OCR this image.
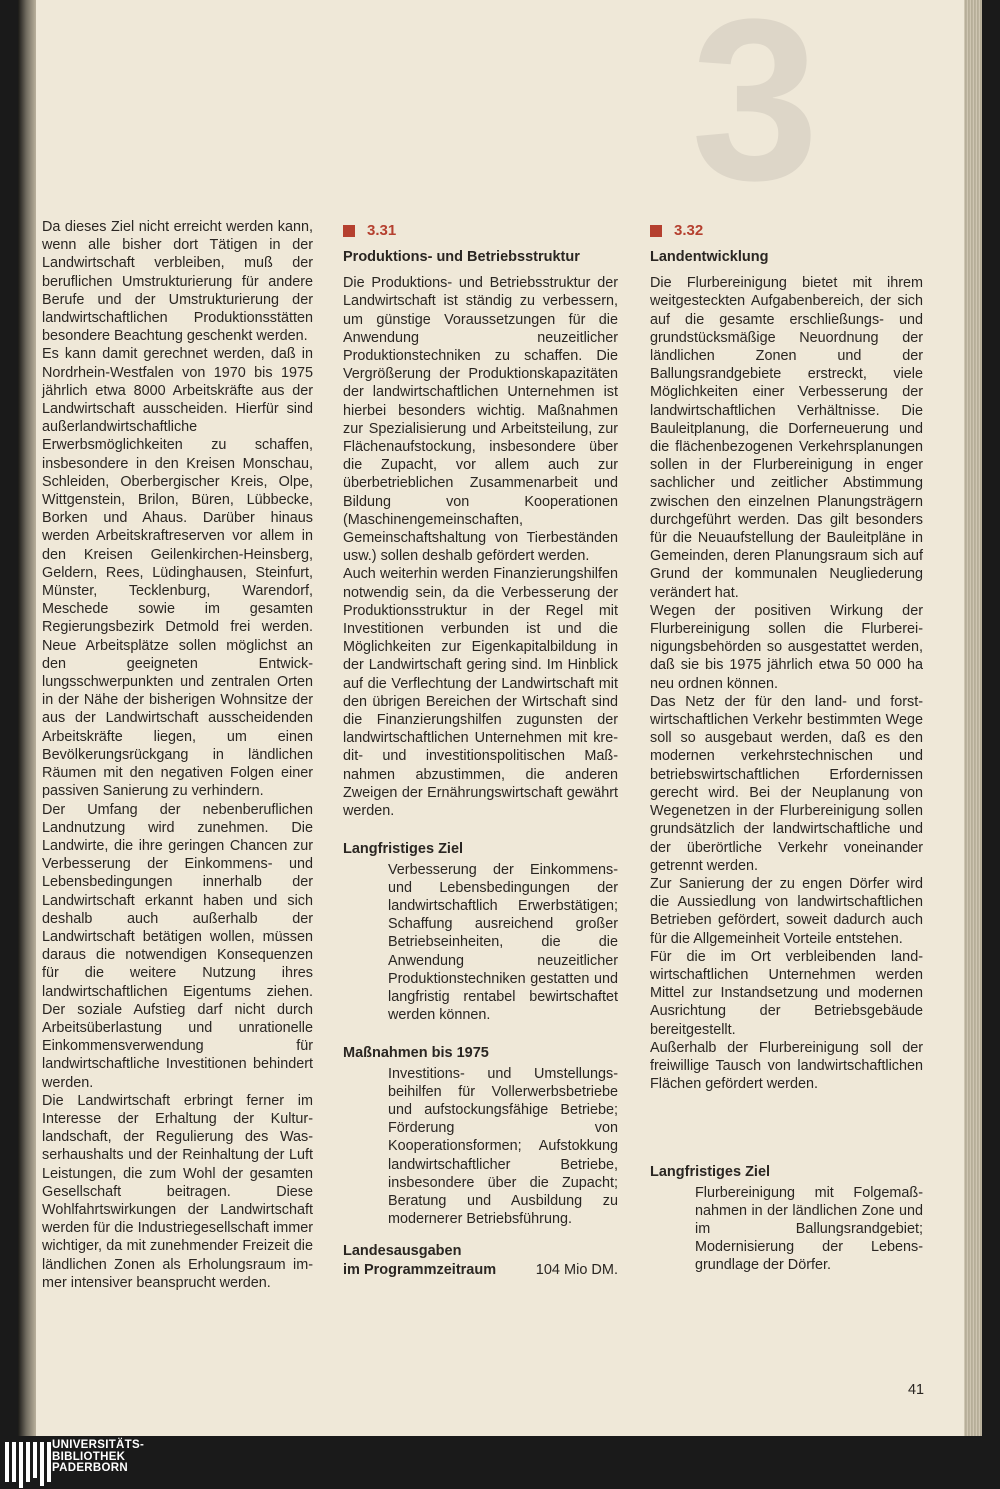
3

Da dieses Ziel nicht erreicht werden kann, wenn alle bisher dort Tätigen in der Landwirtschaft verbleiben, muß der beruflichen Umstrukturierung für andere Berufe und der Umstrukturierung der landwirtschaftlichen Produktionsstätten besondere Beachtung geschenkt werden.

Es kann damit gerechnet werden, daß in Nordrhein-Westfalen von 1970 bis 1975 jährlich etwa 8000 Arbeitskräfte aus der Landwirtschaft ausscheiden. Hierfür sind außerlandwirtschaftliche Erwerbsmöglichkeiten zu schaffen, insbesondere in den Kreisen Monschau, Schleiden, Oberbergischer Kreis, Olpe, Wittgenstein, Brilon, Büren, Lübbecke, Borken und Ahaus. Darüber hinaus werden Arbeitskraftreserven vor allem in den Kreisen Geilenkirchen-Heinsberg, Geldern, Rees, Lüdinghausen, Steinfurt, Münster, Tecklenburg, Warendorf, Meschede sowie im gesamten Regierungsbezirk Detmold frei werden. Neue Arbeitsplätze sollen möglichst an den geeigneten Entwicklungsschwerpunkten und zentralen Orten in der Nähe der bisherigen Wohnsitze der aus der Landwirtschaft ausscheidenden Arbeitskräfte liegen, um einen Bevölkerungsrückgang in ländlichen Räumen mit den negativen Folgen einer passiven Sanierung zu verhindern.

Der Umfang der nebenberuflichen Landnutzung wird zunehmen. Die Landwirte, die ihre geringen Chancen zur Verbesserung der Einkommens- und Lebensbedingungen innerhalb der Landwirtschaft erkannt haben und sich deshalb auch außerhalb der Landwirtschaft betätigen wollen, müssen daraus die notwendigen Konsequenzen für die weitere Nutzung ihres landwirtschaftlichen Eigentums ziehen. Der soziale Aufstieg darf nicht durch Arbeitsüberlastung und unrationelle Einkommensverwendung für landwirtschaftliche Investitionen behindert werden.

Die Landwirtschaft erbringt ferner im Interesse der Erhaltung der Kulturlandschaft, der Regulierung des Wasserhaushalts und der Reinhaltung der Luft Leistungen, die zum Wohl der gesamten Gesellschaft beitragen. Diese Wohlfahrtswirkungen der Landwirtschaft werden für die Industriegesellschaft immer wichtiger, da mit zunehmender Freizeit die ländlichen Zonen als Erholungsraum immer intensiver beansprucht werden.

3.31
Produktions- und Betriebsstruktur

Die Produktions- und Betriebsstruktur der Landwirtschaft ist ständig zu verbessern, um günstige Voraussetzungen für die Anwendung neuzeitlicher Produktionstechniken zu schaffen. Die Vergrößerung der Produktionskapazitäten der landwirtschaftlichen Unternehmen ist hierbei besonders wichtig. Maßnahmen zur Spezialisierung und Arbeitsteilung, zur Flächenaufstockung, insbesondere über die Zupacht, vor allem auch zur überbetrieblichen Zusammenarbeit und Bildung von Kooperationen (Maschinengemeinschaften, Gemeinschaftshaltung von Tierbeständen usw.) sollen deshalb gefördert werden.

Auch weiterhin werden Finanzierungshilfen notwendig sein, da die Verbesserung der Produktionsstruktur in der Regel mit Investitionen verbunden ist und die Möglichkeiten zur Eigenkapitalbildung in der Landwirtschaft gering sind. Im Hinblick auf die Verflechtung der Landwirtschaft mit den übrigen Bereichen der Wirtschaft sind die Finanzierungshilfen zugunsten der landwirtschaftlichen Unternehmen mit kredit- und investitionspolitischen Maßnahmen abzustimmen, die anderen Zweigen der Ernährungswirtschaft gewährt werden.

Langfristiges Ziel

Verbesserung der Einkommens- und Lebensbedingungen der landwirtschaftlich Erwerbstätigen; Schaffung ausreichend großer Betriebseinheiten, die die Anwendung neuzeitlicher Produktionstechniken gestatten und langfristig rentabel bewirtschaftet werden können.

Maßnahmen bis 1975

Investitions- und Umstellungsbeihilfen für Vollerwerbsbetriebe und aufstockungsfähige Betriebe; Förderung von Kooperationsformen; Aufstokkung landwirtschaftlicher Betriebe, insbesondere über die Zupacht; Beratung und Ausbildung zu modernerer Betriebsführung.

Landesausgaben
im Programmzeitraum	104 Mio DM.
3.32
Landentwicklung

Die Flurbereinigung bietet mit ihrem weitgesteckten Aufgabenbereich, der sich auf die gesamte erschließungs- und grundstücksmäßige Neuordnung der ländlichen Zonen und der Ballungsrandgebiete erstreckt, viele Möglichkeiten einer Verbesserung der landwirtschaftlichen Verhältnisse. Die Bauleitplanung, die Dorferneuerung und die flächenbezogenen Verkehrsplanungen sollen in der Flurbereinigung in enger sachlicher und zeitlicher Abstimmung zwischen den einzelnen Planungsträgern durchgeführt werden. Das gilt besonders für die Neuaufstellung der Bauleitpläne in Gemeinden, deren Planungsraum sich auf Grund der kommunalen Neugliederung verändert hat.

Wegen der positiven Wirkung der Flurbereinigung sollen die Flurbereinigungsbehörden so ausgestattet werden, daß sie bis 1975 jährlich etwa 50 000 ha neu ordnen können.

Das Netz der für den land- und forstwirtschaftlichen Verkehr bestimmten Wege soll so ausgebaut werden, daß es den modernen verkehrstechnischen und betriebswirtschaftlichen Erfordernissen gerecht wird. Bei der Neuplanung von Wegenetzen in der Flurbereinigung sollen grundsätzlich der landwirtschaftliche und der überörtliche Verkehr voneinander getrennt werden.

Zur Sanierung der zu engen Dörfer wird die Aussiedlung von landwirtschaftlichen Betrieben gefördert, soweit dadurch auch für die Allgemeinheit Vorteile entstehen.

Für die im Ort verbleibenden landwirtschaftlichen Unternehmen werden Mittel zur Instandsetzung und modernen Ausrichtung der Betriebsgebäude bereitgestellt.

Außerhalb der Flurbereinigung soll der freiwillige Tausch von landwirtschaftlichen Flächen gefördert werden.

Langfristiges Ziel

Flurbereinigung mit Folgemaßnahmen in der ländlichen Zone und im Ballungsrandgebiet; Modernisierung der Lebensgrundlage der Dörfer.

41
UNIVERSITÄTS-
BIBLIOTHEK
PADERBORN
